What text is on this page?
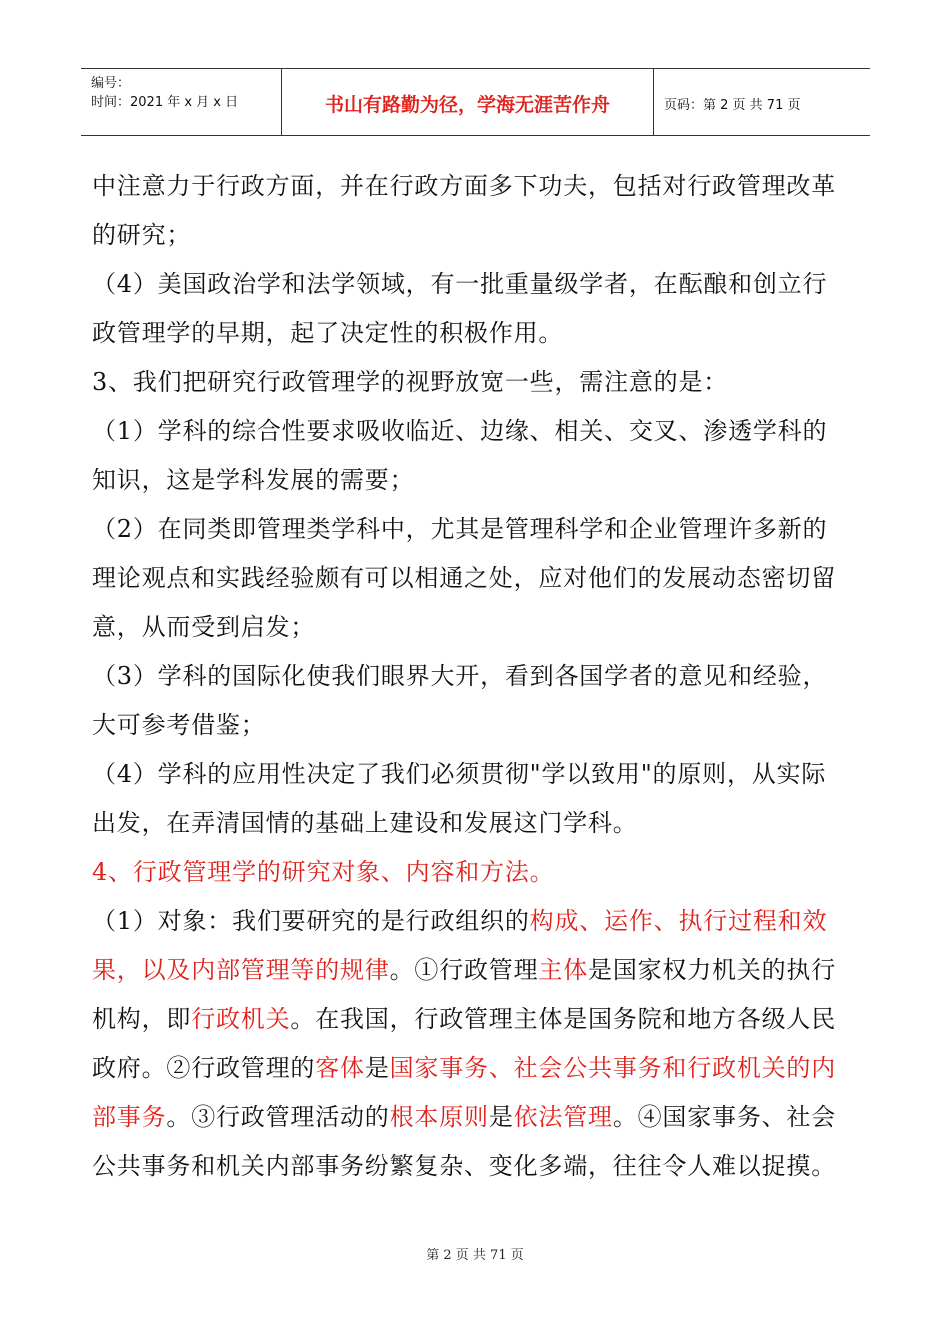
编号：
时间：2021 年 x 月 x 日	书山有路勤为径，学海无涯苦作舟	页码：第 2 页 共 71 页
中注意力于行政方面，并在行政方面多下功夫，包括对行政管理改革
的研究；
（4）美国政治学和法学领域，有一批重量级学者，在酝酿和创立行
政管理学的早期，起了决定性的积极作用。
3、我们把研究行政管理学的视野放宽一些，需注意的是：
（1）学科的综合性要求吸收临近、边缘、相关、交叉、渗透学科的
知识，这是学科发展的需要；
（2）在同类即管理类学科中，尤其是管理科学和企业管理许多新的
理论观点和实践经验颇有可以相通之处，应对他们的发展动态密切留
意，从而受到启发；
（3）学科的国际化使我们眼界大开，看到各国学者的意见和经验，
大可参考借鉴；
（4）学科的应用性决定了我们必须贯彻"学以致用"的原则，从实际
出发，在弄清国情的基础上建设和发展这门学科。
4、行政管理学的研究对象、内容和方法。
（1）对象：我们要研究的是行政组织的构成、运作、执行过程和效
果，以及内部管理等的规律。①行政管理主体是国家权力机关的执行
机构，即行政机关。在我国，行政管理主体是国务院和地方各级人民
政府。②行政管理的客体是国家事务、社会公共事务和行政机关的内
部事务。③行政管理活动的根本原则是依法管理。④国家事务、社会
公共事务和机关内部事务纷繁复杂、变化多端，往往令人难以捉摸。
第 2 页 共 71 页
